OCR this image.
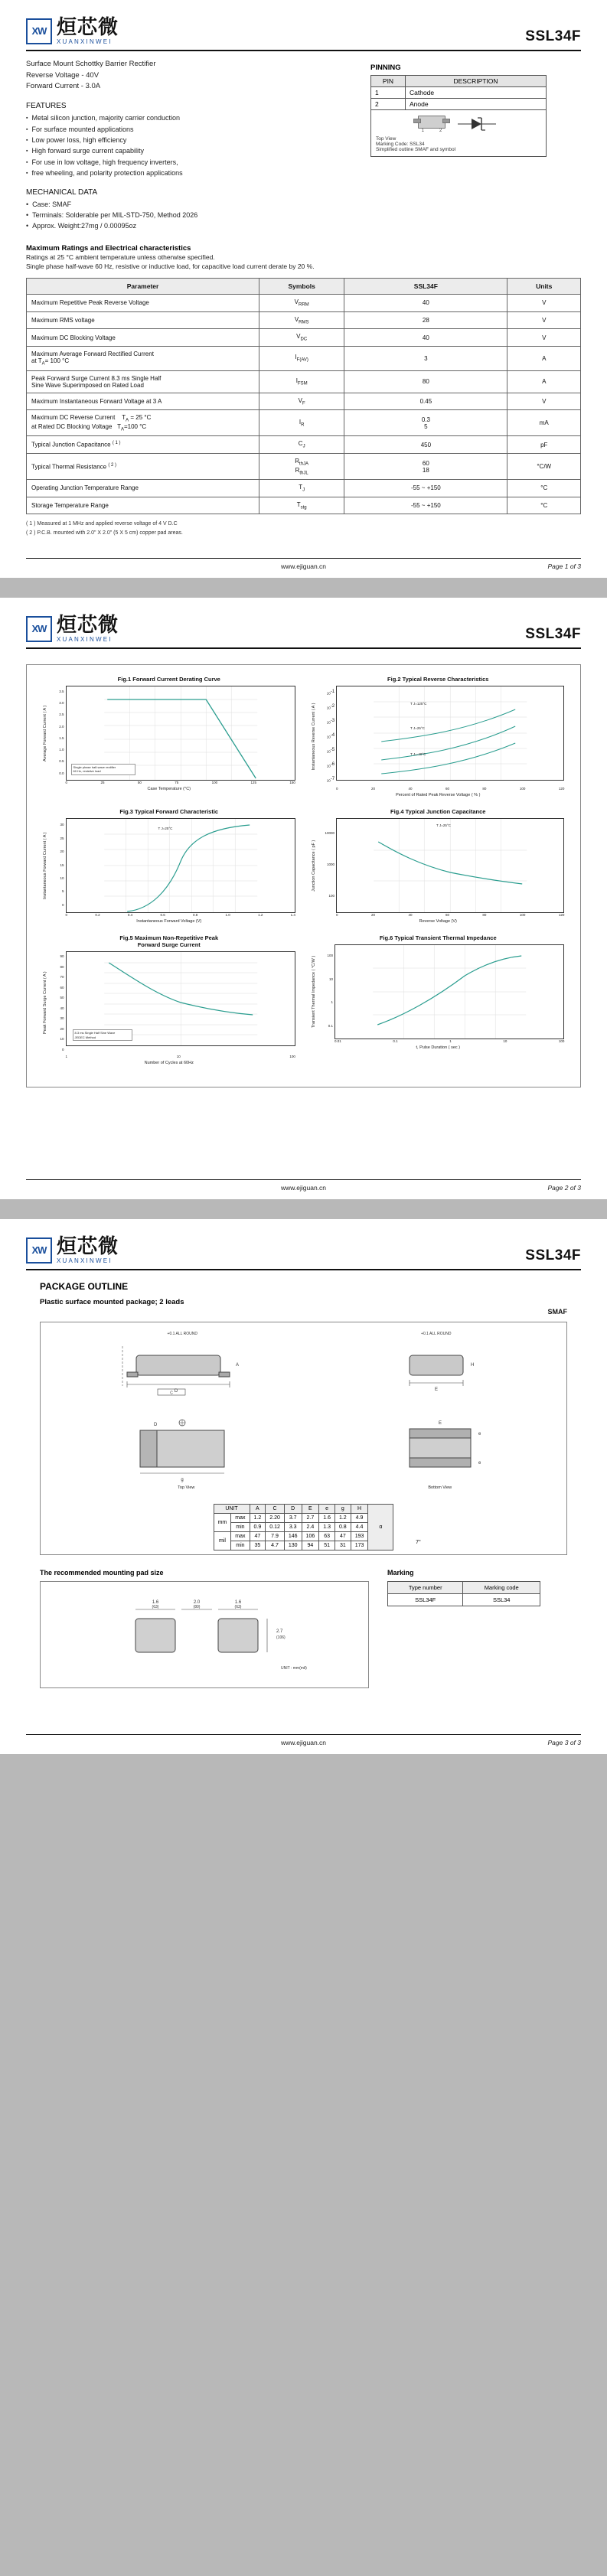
XW 烜芯微
XUANXINWEI	SSL34F
Surface Mount Schottky Barrier Rectifier
Reverse Voltage - 40V
Forward Current - 3.0A
FEATURES
▪ Metal silicon junction, majority carrier conduction
▪ For surface mounted applications
▪ Low power loss, high efficiency
▪ High forward surge current capability
▪ For use in low voltage, high frequency inverters,
▪ free wheeling, and polarity protection applications
MECHANICAL DATA
• Case: SMAF
• Terminals: Solderable per MIL-STD-750, Method 2026
• Approx. Weight:27mg / 0.00095oz
PINNING
PIN	DESCRIPTION
1	Cathode
2	Anode
1	2
Top View
Marking Code: SSL34
Simplified outline SMAF and symbol
Maximum Ratings and Electrical characteristics
Ratings at 25 °C ambient temperature unless otherwise specified.
Single phase half-wave 60 Hz, resistive or inductive load, for capacitive load current derate by 20 %.
Parameter	Symbols	SSL34F	Units
Maximum Repetitive Peak Reverse Voltage	$V_{RRM}$	40	V
Maximum RMS voltage	$V_{RMS}$	28	V
Maximum DC Blocking Voltage	$V_{DC}$	40	V
Maximum Average Forward Rectified Current
at $T_A= 100$ °C	$I_{F(AV)}$	3	A
Peak Forward Surge Current 8.3 ms Single Half
Sine Wave Superimposed on Rated Load	$I_{FSM}$	80	A
Maximum Instantaneous Forward Voltage at 3 A	$V_F$	0.45	V
Maximum DC Reverse Current    $T_A = 25$ °C
at Rated DC Blocking Voltage   $T_A=100$ °C	$I_R$	0.3
5	mA
Typical Junction Capacitance $^{( 1 )}$	$C_J$	450	pF
Typical Thermal Resistance $^{( 2 )}$	$R_{thJA}$
$R_{thJL}$	60
18	°C/W
Operating Junction Temperature Range	$T_J$	-55 ~ +150	°C
Storage Temperature Range	$T_{stg}$	-55 ~ +150	°C
( 1 ) Measured at 1 MHz and applied reverse voltage of 4 V D.C
( 2 ) P.C.B. mounted with 2.0" X 2.0" (5 X 5 cm) copper pad areas.
www.ejiguan.cn	Page 1 of 3
XW 烜芯微
XUANXINWEI	SSL34F
Fig.1 Forward Current Derating Curve
Average Forward Current ( A )
3.5
3.0
2.5
2.0
1.5
1.0
0.5
0.0
Single phase half-wave rectifier
60 Hz, resistive load
0	25	50	75	100	125	150
Case Temperature (°C)
Fig.2 Typical Reverse Characteristics
Instantaneous Reverse Current ( A )
10-1
10-2
10-3
10-4
10-5
10-6
10-7
T J=125°C
T J=25°C
T J=-40°C
0	20	40	60	80	100	120
Percent of Rated Peak Reverse Voltage ( % )
Fig.3 Typical Forward Characteristic
Instantaneous Forward Current ( A )
30
25
20
15
10
5
0
T J=25°C
0	0.2	0.4	0.6	0.8	1.0	1.2	1.4
Instantaneous Forward Voltage (V)
Fig.4 Typical Junction Capacitance
Junction Capacitance ( pF )
10000
1000
100
T J=25°C
0	20	40	60	80	100	120
Reverse Voltage (V)
Fig.5 Maximum Non-Repetitive Peak
Forward Surge Current
Peak Forward Surge Current ( A )
90
80
70
60
50
40
30
20
10
0
8.3 ms Single Half Sine Wave
JEDEC Method
1	10	100
Number of Cycles at 60Hz
Fig.6 Typical Transient Thermal Impedance
Transient Thermal Impedance ( °C/W )
100
10
1
0.1
0.01	0.1	1	10	100
t, Pulse Duration ( sec )
www.ejiguan.cn	Page 2 of 3
XW 烜芯微
XUANXINWEI	SSL34F
PACKAGE OUTLINE
Plastic surface mounted package; 2 leads
SMAF
+0.1 ALL ROUND
D
A
C
+0.1 ALL ROUND
E
H
D
g
Top View
e
e
E
Bottom View
UNIT		A	C	D	E	e	g	H	α
mm	max	1.2	2.20	3.7	2.7	1.6	1.2	4.9	
	min	0.9	0.12	3.3	2.4	1.3	0.8	4.4	
mil	max	47	7.9	146	106	63	47	193	
	min	35	4.7	130	94	51	31	173	
7°
The recommended mounting pad size
1.6
(63)
2.0
(80)
1.6
(63)
2.7
(106)
UNIT : mm(mil)
Marking
Type number	Marking code
SSL34F	SSL34
www.ejiguan.cn	Page 3 of 3
